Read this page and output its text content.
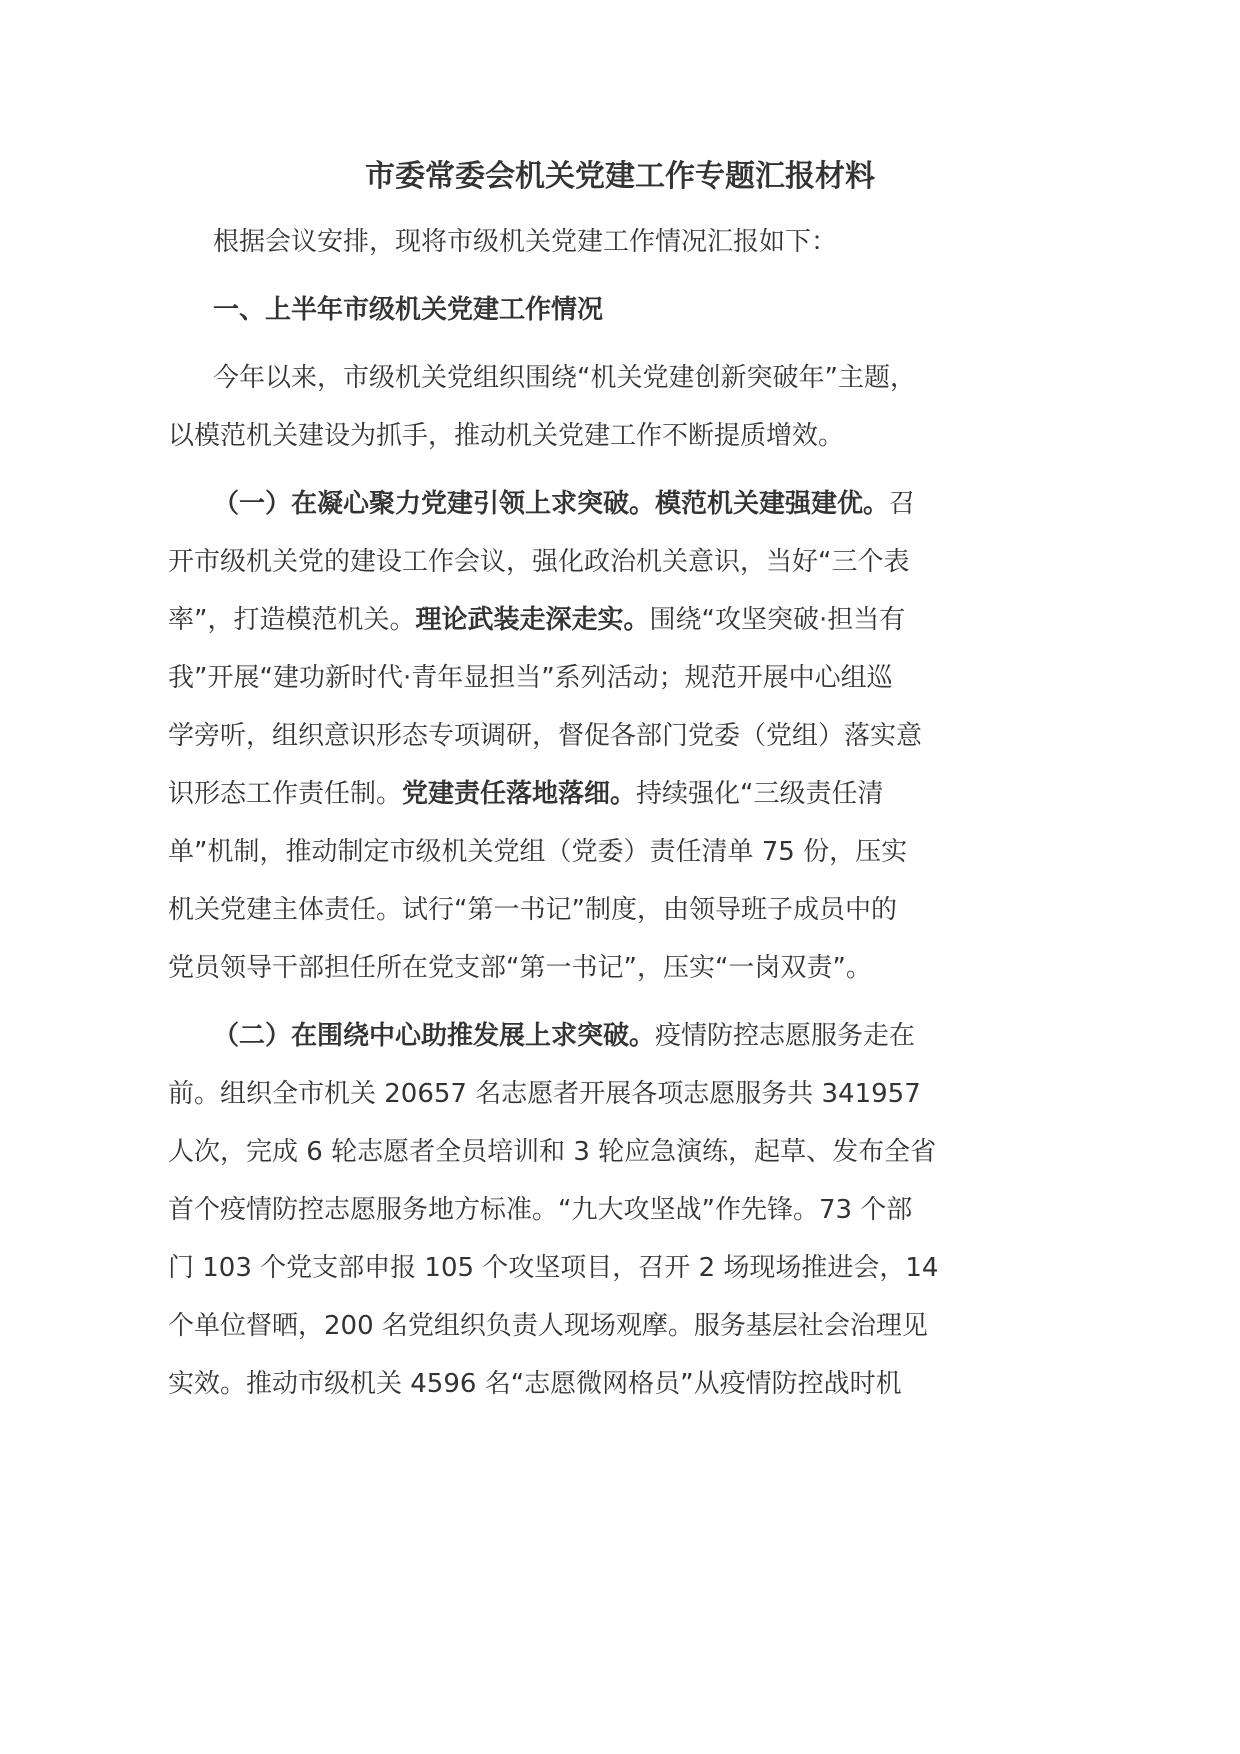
市委常委会机关党建工作专题汇报材料
根据会议安排，现将市级机关党建工作情况汇报如下：
一、上半年市级机关党建工作情况
今年以来，市级机关党组织围绕“机关党建创新突破年”主题，
以模范机关建设为抓手，推动机关党建工作不断提质增效。
（一）在凝心聚力党建引领上求突破。模范机关建强建优。召
开市级机关党的建设工作会议，强化政治机关意识，当好“三个表
率”，打造模范机关。理论武装走深走实。围绕“攻坚突破·担当有
我”开展“建功新时代·青年显担当”系列活动；规范开展中心组巡
学旁听，组织意识形态专项调研，督促各部门党委（党组）落实意
识形态工作责任制。党建责任落地落细。持续强化“三级责任清
单”机制，推动制定市级机关党组（党委）责任清单 75 份，压实
机关党建主体责任。试行“第一书记”制度，由领导班子成员中的
党员领导干部担任所在党支部“第一书记”，压实“一岗双责”。
（二）在围绕中心助推发展上求突破。疫情防控志愿服务走在
前。组织全市机关 20657 名志愿者开展各项志愿服务共 341957
人次，完成 6 轮志愿者全员培训和 3 轮应急演练，起草、发布全省
首个疫情防控志愿服务地方标准。“九大攻坚战”作先锋。73 个部
门 103 个党支部申报 105 个攻坚项目，召开 2 场现场推进会，14
个单位督晒，200 名党组织负责人现场观摩。服务基层社会治理见
实效。推动市级机关 4596 名“志愿微网格员”从疫情防控战时机
